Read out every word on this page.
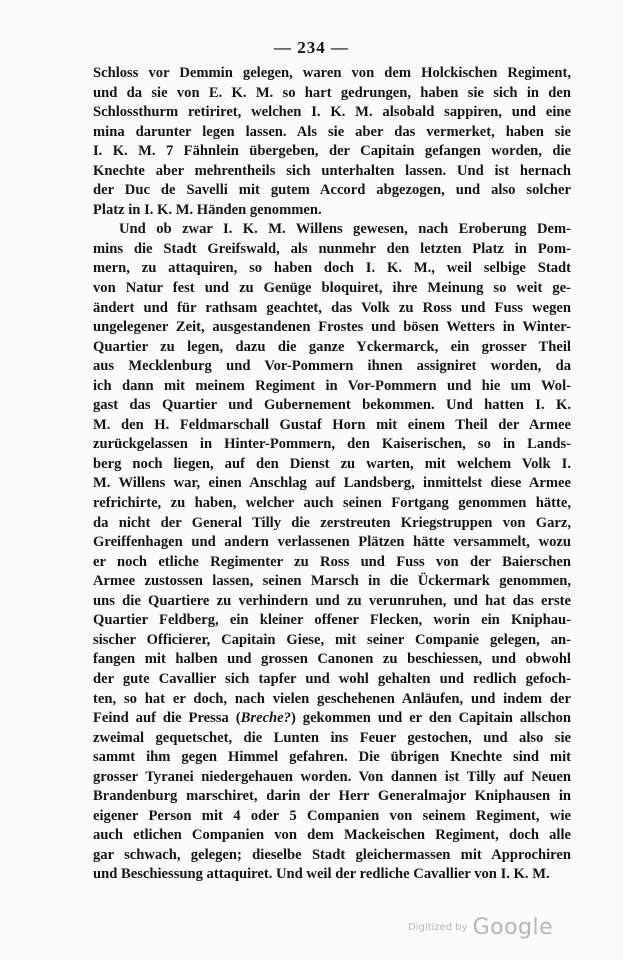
— 234 —
Schloss vor Demmin gelegen, waren von dem Holckischen Regiment,
und da sie von E. K. M. so hart gedrungen, haben sie sich in den
Schlossthurm retiriret, welchen I. K. M. alsobald sappiren, und eine
mina darunter legen lassen. Als sie aber das vermerket, haben sie
I. K. M. 7 Fähnlein übergeben, der Capitain gefangen worden, die
Knechte aber mehrentheils sich unterhalten lassen. Und ist hernach
der Duc de Savelli mit gutem Accord abgezogen, und also solcher
Platz in I. K. M. Händen genommen.
Und ob zwar I. K. M. Willens gewesen, nach Eroberung Dem-
mins die Stadt Greifswald, als nunmehr den letzten Platz in Pom-
mern, zu attaquiren, so haben doch I. K. M., weil selbige Stadt
von Natur fest und zu Genüge bloquiret, ihre Meinung so weit ge-
ändert und für rathsam geachtet, das Volk zu Ross und Fuss wegen
ungelegener Zeit, ausgestandenen Frostes und bösen Wetters in Winter-
Quartier zu legen, dazu die ganze Yckermarck, ein grosser Theil
aus Mecklenburg und Vor-Pommern ihnen assigniret worden, da
ich dann mit meinem Regiment in Vor-Pommern und hie um Wol-
gast das Quartier und Gubernement bekommen. Und hatten I. K.
M. den H. Feldmarschall Gustaf Horn mit einem Theil der Armee
zurückgelassen in Hinter-Pommern, den Kaiserischen, so in Lands-
berg noch liegen, auf den Dienst zu warten, mit welchem Volk I.
M. Willens war, einen Anschlag auf Landsberg, inmittelst diese Armee
refrichirte, zu haben, welcher auch seinen Fortgang genommen hätte,
da nicht der General Tilly die zerstreuten Kriegstruppen von Garz,
Greiffenhagen und andern verlassenen Plätzen hätte versammelt, wozu
er noch etliche Regimenter zu Ross und Fuss von der Baierschen
Armee zustossen lassen, seinen Marsch in die Ückermark genommen,
uns die Quartiere zu verhindern und zu verunruhen, und hat das erste
Quartier Feldberg, ein kleiner offener Flecken, worin ein Kniphau-
sischer Officierer, Capitain Giese, mit seiner Companie gelegen, an-
fangen mit halben und grossen Canonen zu beschiessen, und obwohl
der gute Cavallier sich tapfer und wohl gehalten und redlich gefoch-
ten, so hat er doch, nach vielen geschehenen Anläufen, und indem der
Feind auf die Pressa (Breche?) gekommen und er den Capitain allschon
zweimal gequetschet, die Lunten ins Feuer gestochen, und also sie
sammt ihm gegen Himmel gefahren. Die übrigen Knechte sind mit
grosser Tyranei niedergehauen worden. Von dannen ist Tilly auf Neuen
Brandenburg marschiret, darin der Herr Generalmajor Kniphausen in
eigener Person mit 4 oder 5 Companien von seinem Regiment, wie
auch etlichen Companien von dem Mackeischen Regiment, doch alle
gar schwach, gelegen; dieselbe Stadt gleichermassen mit Approchiren
und Beschiessung attaquiret. Und weil der redliche Cavallier von I. K. M.
Digitized by Google
